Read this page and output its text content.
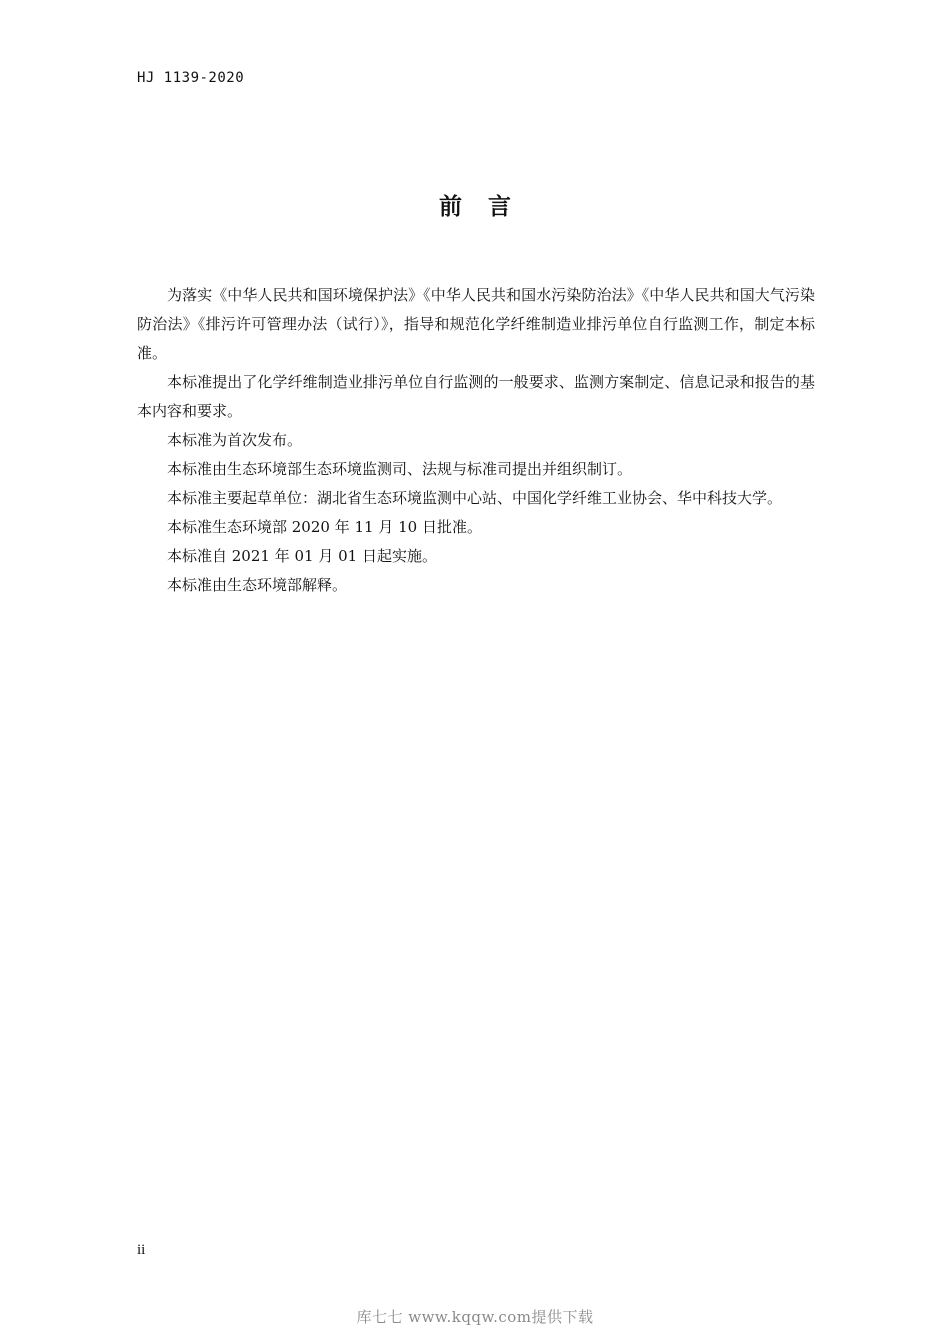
HJ 1139-2020
前言

为落实《中华人民共和国环境保护法》《中华人民共和国水污染防治法》《中华人民共和国大气污染防治法》《排污许可管理办法（试行）》，指导和规范化学纤维制造业排污单位自行监测工作，制定本标准。

本标准提出了化学纤维制造业排污单位自行监测的一般要求、监测方案制定、信息记录和报告的基本内容和要求。

本标准为首次发布。

本标准由生态环境部生态环境监测司、法规与标准司提出并组织制订。

本标准主要起草单位：湖北省生态环境监测中心站、中国化学纤维工业协会、华中科技大学。

本标准生态环境部 2020 年 11 月 10 日批准。

本标准自 2021 年 01 月 01 日起实施。

本标准由生态环境部解释。

ii
库七七 www.kqqw.com提供下载
